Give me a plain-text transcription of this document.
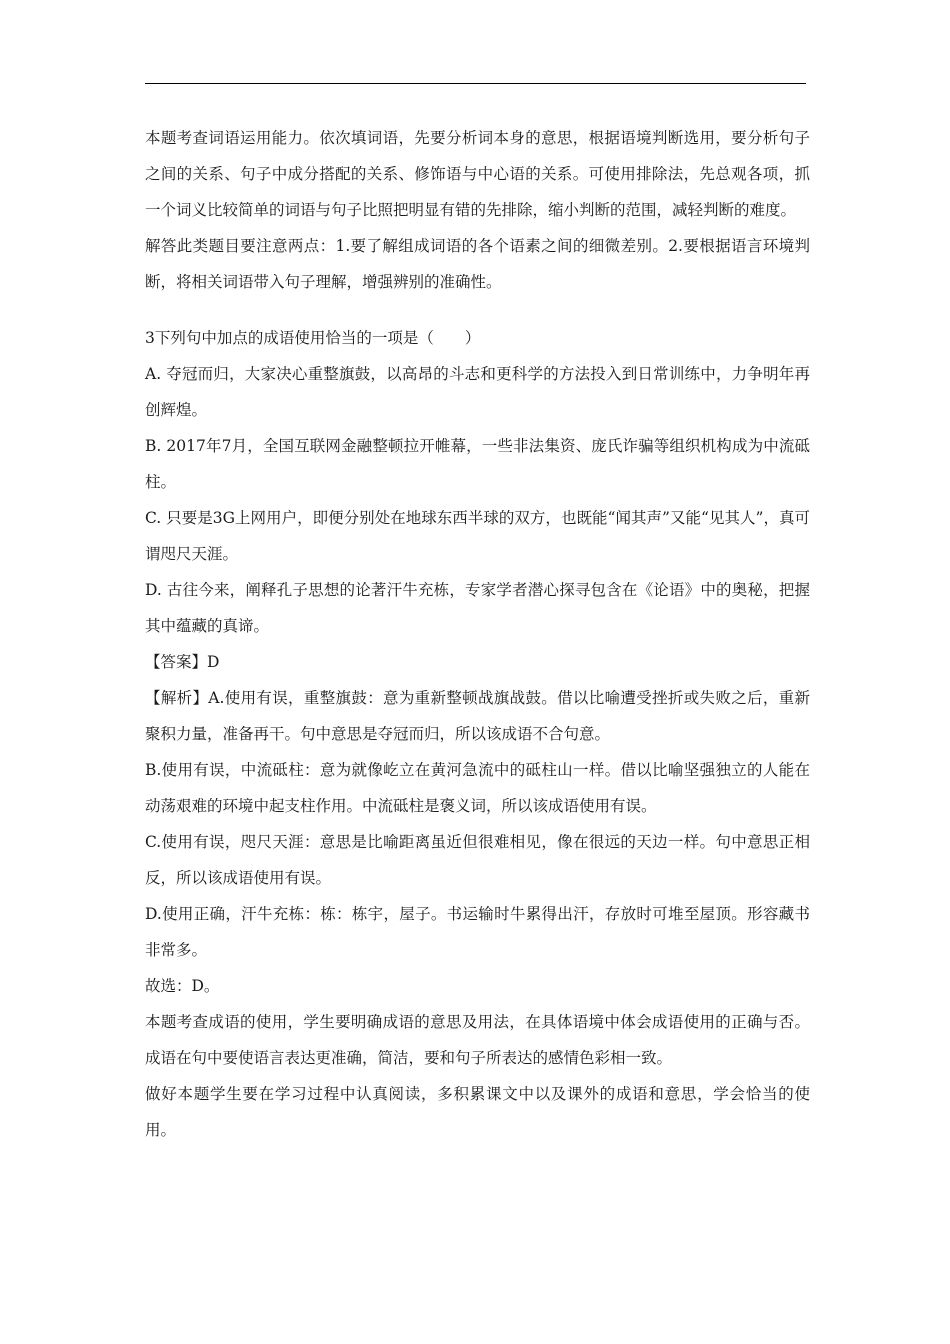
本题考查词语运用能力。依次填词语，先要分析词本身的意思，根据语境判断选用，要分析句子之间的关系、句子中成分搭配的关系、修饰语与中心语的关系。可使用排除法，先总观各项，抓一个词义比较简单的词语与句子比照把明显有错的先排除，缩小判断的范围，减轻判断的难度。

解答此类题目要注意两点：1.要了解组成词语的各个语素之间的细微差别。2.要根据语言环境判断，将相关词语带入句子理解，增强辨别的准确性。

3下列句中加点的成语使用恰当的一项是（　　）

A. 夺冠而归，大家决心重整旗鼓，以高昂的斗志和更科学的方法投入到日常训练中，力争明年再创辉煌。

B. 2017年7月，全国互联网金融整顿拉开帷幕，一些非法集资、庞氏诈骗等组织机构成为中流砥柱。

C. 只要是3G上网用户，即便分别处在地球东西半球的双方，也既能“闻其声”又能“见其人”，真可谓咫尺天涯。

D. 古往今来，阐释孔子思想的论著汗牛充栋，专家学者潜心探寻包含在《论语》中的奥秘，把握其中蕴藏的真谛。

【答案】D

【解析】A.使用有误，重整旗鼓：意为重新整顿战旗战鼓。借以比喻遭受挫折或失败之后，重新聚积力量，准备再干。句中意思是夺冠而归，所以该成语不合句意。

B.使用有误，中流砥柱：意为就像屹立在黄河急流中的砥柱山一样。借以比喻坚强独立的人能在动荡艰难的环境中起支柱作用。中流砥柱是褒义词，所以该成语使用有误。

C.使用有误，咫尺天涯：意思是比喻距离虽近但很难相见，像在很远的天边一样。句中意思正相反，所以该成语使用有误。

D.使用正确，汗牛充栋：栋：栋宇，屋子。书运输时牛累得出汗，存放时可堆至屋顶。形容藏书非常多。

故选：D。

本题考查成语的使用，学生要明确成语的意思及用法，在具体语境中体会成语使用的正确与否。成语在句中要使语言表达更准确，简洁，要和句子所表达的感情色彩相一致。

做好本题学生要在学习过程中认真阅读，多积累课文中以及课外的成语和意思，学会恰当的使用。
